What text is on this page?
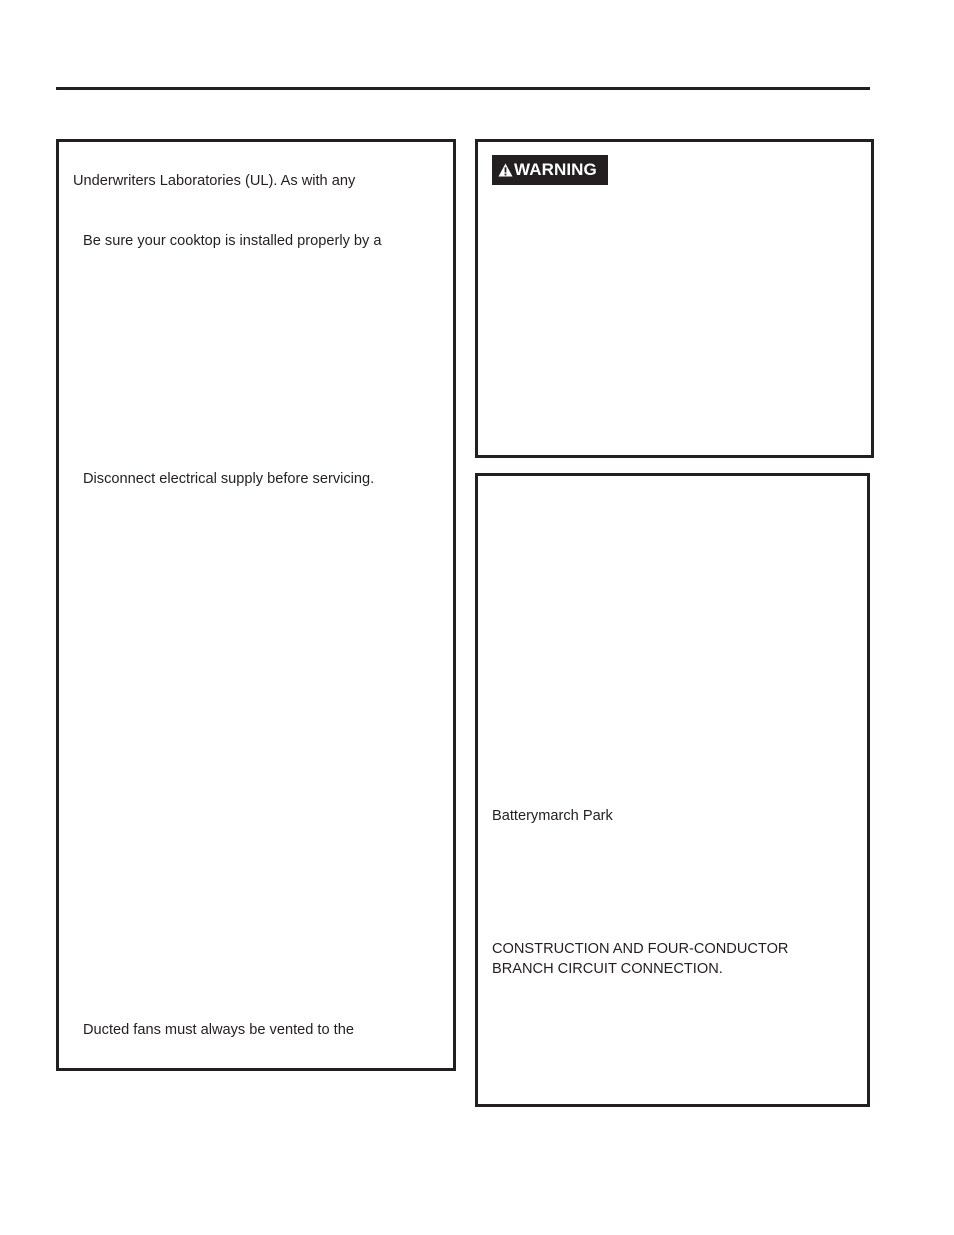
Underwriters Laboratories (UL). As with any
Be sure your cooktop is installed properly by a
Disconnect electrical supply before servicing.
Ducted fans must always be vented to the
WARNING
Batterymarch Park
CONSTRUCTION AND FOUR-CONDUCTOR
BRANCH CIRCUIT CONNECTION.
